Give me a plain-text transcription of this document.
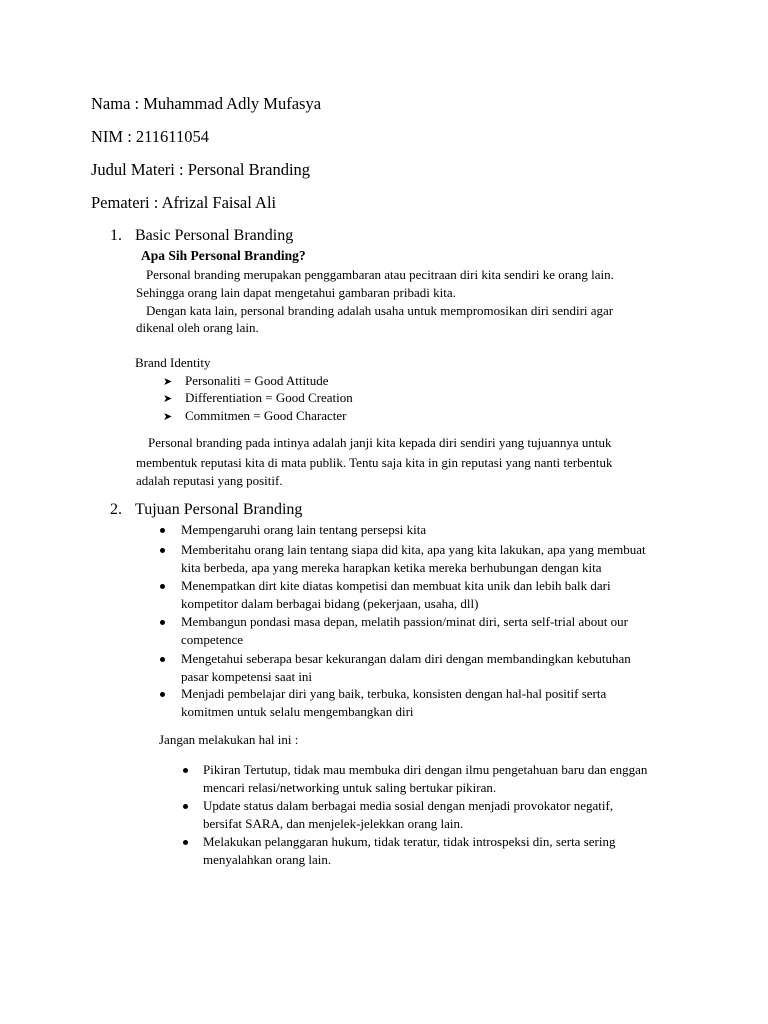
Nama : Muhammad Adly Mufasya
NIM : 211611054
Judul Materi : Personal Branding
Pemateri : Afrizal Faisal Ali
1. Basic Personal Branding
Apa Sih Personal Branding?
Personal branding merupakan penggambaran atau pecitraan diri kita sendiri ke orang lain.
Sehingga orang lain dapat mengetahui gambaran pribadi kita.
Dengan kata lain, personal branding adalah usaha untuk mempromosikan diri sendiri agar
dikenal oleh orang lain.
Brand Identity
➤ Personaliti = Good Attitude
➤ Differentiation = Good Creation
➤ Commitmen = Good Character
Personal branding pada intinya adalah janji kita kepada diri sendiri yang tujuannya untuk
membentuk reputasi kita di mata publik. Tentu saja kita in gin reputasi yang nanti terbentuk
adalah reputasi yang positif.
2. Tujuan Personal Branding
Mempengaruhi orang lain tentang persepsi kita
Memberitahu orang lain tentang siapa did kita, apa yang kita lakukan, apa yang membuat
kita berbeda, apa yang mereka harapkan ketika mereka berhubungan dengan kita
Menempatkan dirt kite diatas kompetisi dan membuat kita unik dan lebih balk dari
kompetitor dalam berbagai bidang (pekerjaan, usaha, dll)
Membangun pondasi masa depan, melatih passion/minat diri, serta self-trial about our
competence
Mengetahui seberapa besar kekurangan dalam diri dengan membandingkan kebutuhan
pasar kompetensi saat ini
Menjadi pembelajar diri yang baik, terbuka, konsisten dengan hal-hal positif serta
komitmen untuk selalu mengembangkan diri
Jangan melakukan hal ini :
Pikiran Tertutup, tidak mau membuka diri dengan ilmu pengetahuan baru dan enggan
mencari relasi/networking untuk saling bertukar pikiran.
Update status dalam berbagai media sosial dengan menjadi provokator negatif,
bersifat SARA, dan menjelek-jelekkan orang lain.
Melakukan pelanggaran hukum, tidak teratur, tidak introspeksi din, serta sering
menyalahkan orang lain.
